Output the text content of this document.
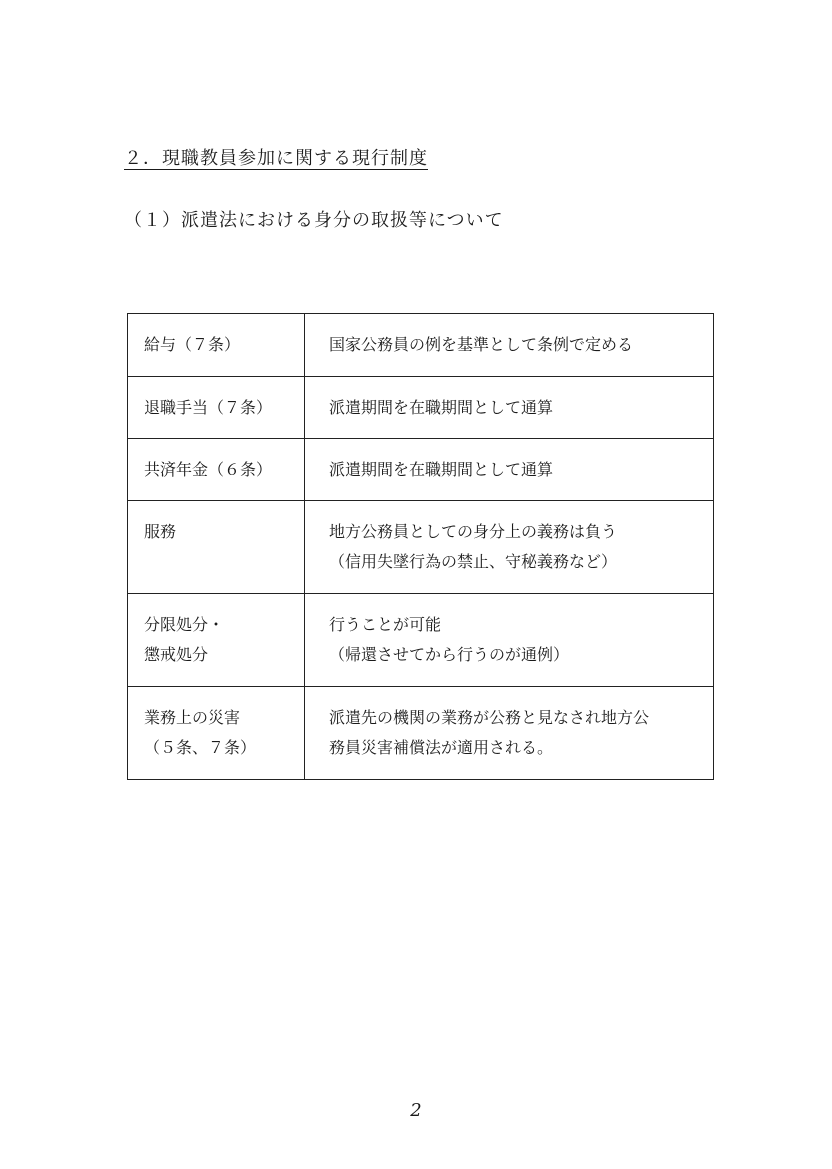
２．現職教員参加に関する現行制度
（１）派遣法における身分の取扱等について
給与（７条）	国家公務員の例を基準として条例で定める

退職手当（７条）	派遣期間を在職期間として通算

共済年金（６条）	派遣期間を在職期間として通算

服務	地方公務員としての身分上の義務は負う
（信用失墜行為の禁止、守秘義務など）

分限処分・
懲戒処分	行うことが可能
（帰還させてから行うのが通例）

業務上の災害
（５条、７条）	派遣先の機関の業務が公務と見なされ地方公
務員災害補償法が適用される。
2
